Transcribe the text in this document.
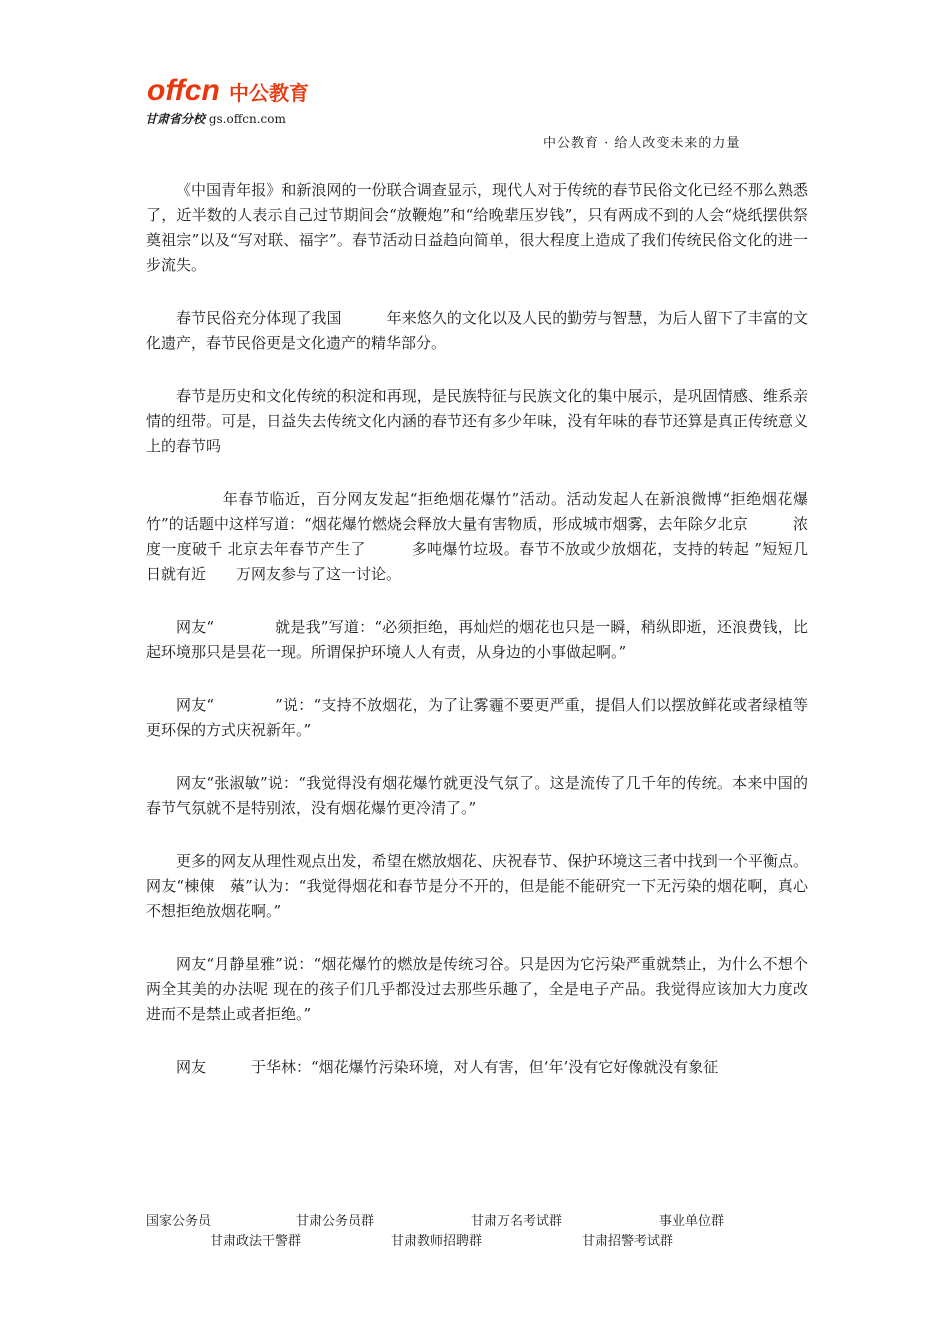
offcn 中公教育
甘肃省分校 gs.offcn.com
中公教育 · 给人改变未来的力量

《中国青年报》和新浪网的一份联合调查显示，现代人对于传统的春节民俗文化已经不那么熟悉了，近半数的人表示自己过节期间会“放鞭炮”和“给晚辈压岁钱”，只有两成不到的人会“烧纸摆供祭奠祖宗”以及“写对联、福字”。春节活动日益趋向简单，很大程度上造成了我们传统民俗文化的进一步流失。

春节民俗充分体现了我国　　　年来悠久的文化以及人民的勤劳与智慧，为后人留下了丰富的文化遗产，春节民俗更是文化遗产的精华部分。

春节是历史和文化传统的积淀和再现，是民族特征与民族文化的集中展示，是巩固情感、维系亲情的纽带。可是，日益失去传统文化内涵的春节还有多少年味，没有年味的春节还算是真正传统意义上的春节吗

　　　年春节临近，百分网友发起“拒绝烟花爆竹”活动。活动发起人在新浪微博“拒绝烟花爆竹”的话题中这样写道：“烟花爆竹燃烧会释放大量有害物质，形成城市烟雾，去年除夕北京　　　浓度一度破千 北京去年春节产生了　　　多吨爆竹垃圾。春节不放或少放烟花，支持的转起 ”短短几日就有近　　万网友参与了这一讨论。

网友“　　　　就是我”写道：“必须拒绝，再灿烂的烟花也只是一瞬，稍纵即逝，还浪费钱，比起环境那只是昙花一现。所谓保护环境人人有责，从身边的小事做起啊。”

网友“　　　　”说：“支持不放烟花，为了让雾霾不要更严重，提倡人们以摆放鲜花或者绿植等更环保的方式庆祝新年。”

网友“张淑敏”说：“我觉得没有烟花爆竹就更没气氛了。这是流传了几千年的传统。本来中国的春节气氛就不是特别浓，没有烟花爆竹更冷清了。”

更多的网友从理性观点出发，希望在燃放烟花、庆祝春节、保护环境这三者中找到一个平衡点。网友“棟倲　蕵”认为：“我觉得烟花和春节是分不开的，但是能不能研究一下无污染的烟花啊，真心不想拒绝放烟花啊。”

网友“月静星雅”说：“烟花爆竹的燃放是传统习谷。只是因为它污染严重就禁止，为什么不想个两全其美的办法呢 现在的孩子们几乎都没过去那些乐趣了，全是电子产品。我觉得应该加大力度改进而不是禁止或者拒绝。”

网友　　　于华林：“烟花爆竹污染环境，对人有害，但‘年’没有它好像就没有象征

国家公务员	甘肃公务员群	甘肃万名考试群	事业单位群
甘肃政法干警群	甘肃教师招聘群	甘肃招警考试群
